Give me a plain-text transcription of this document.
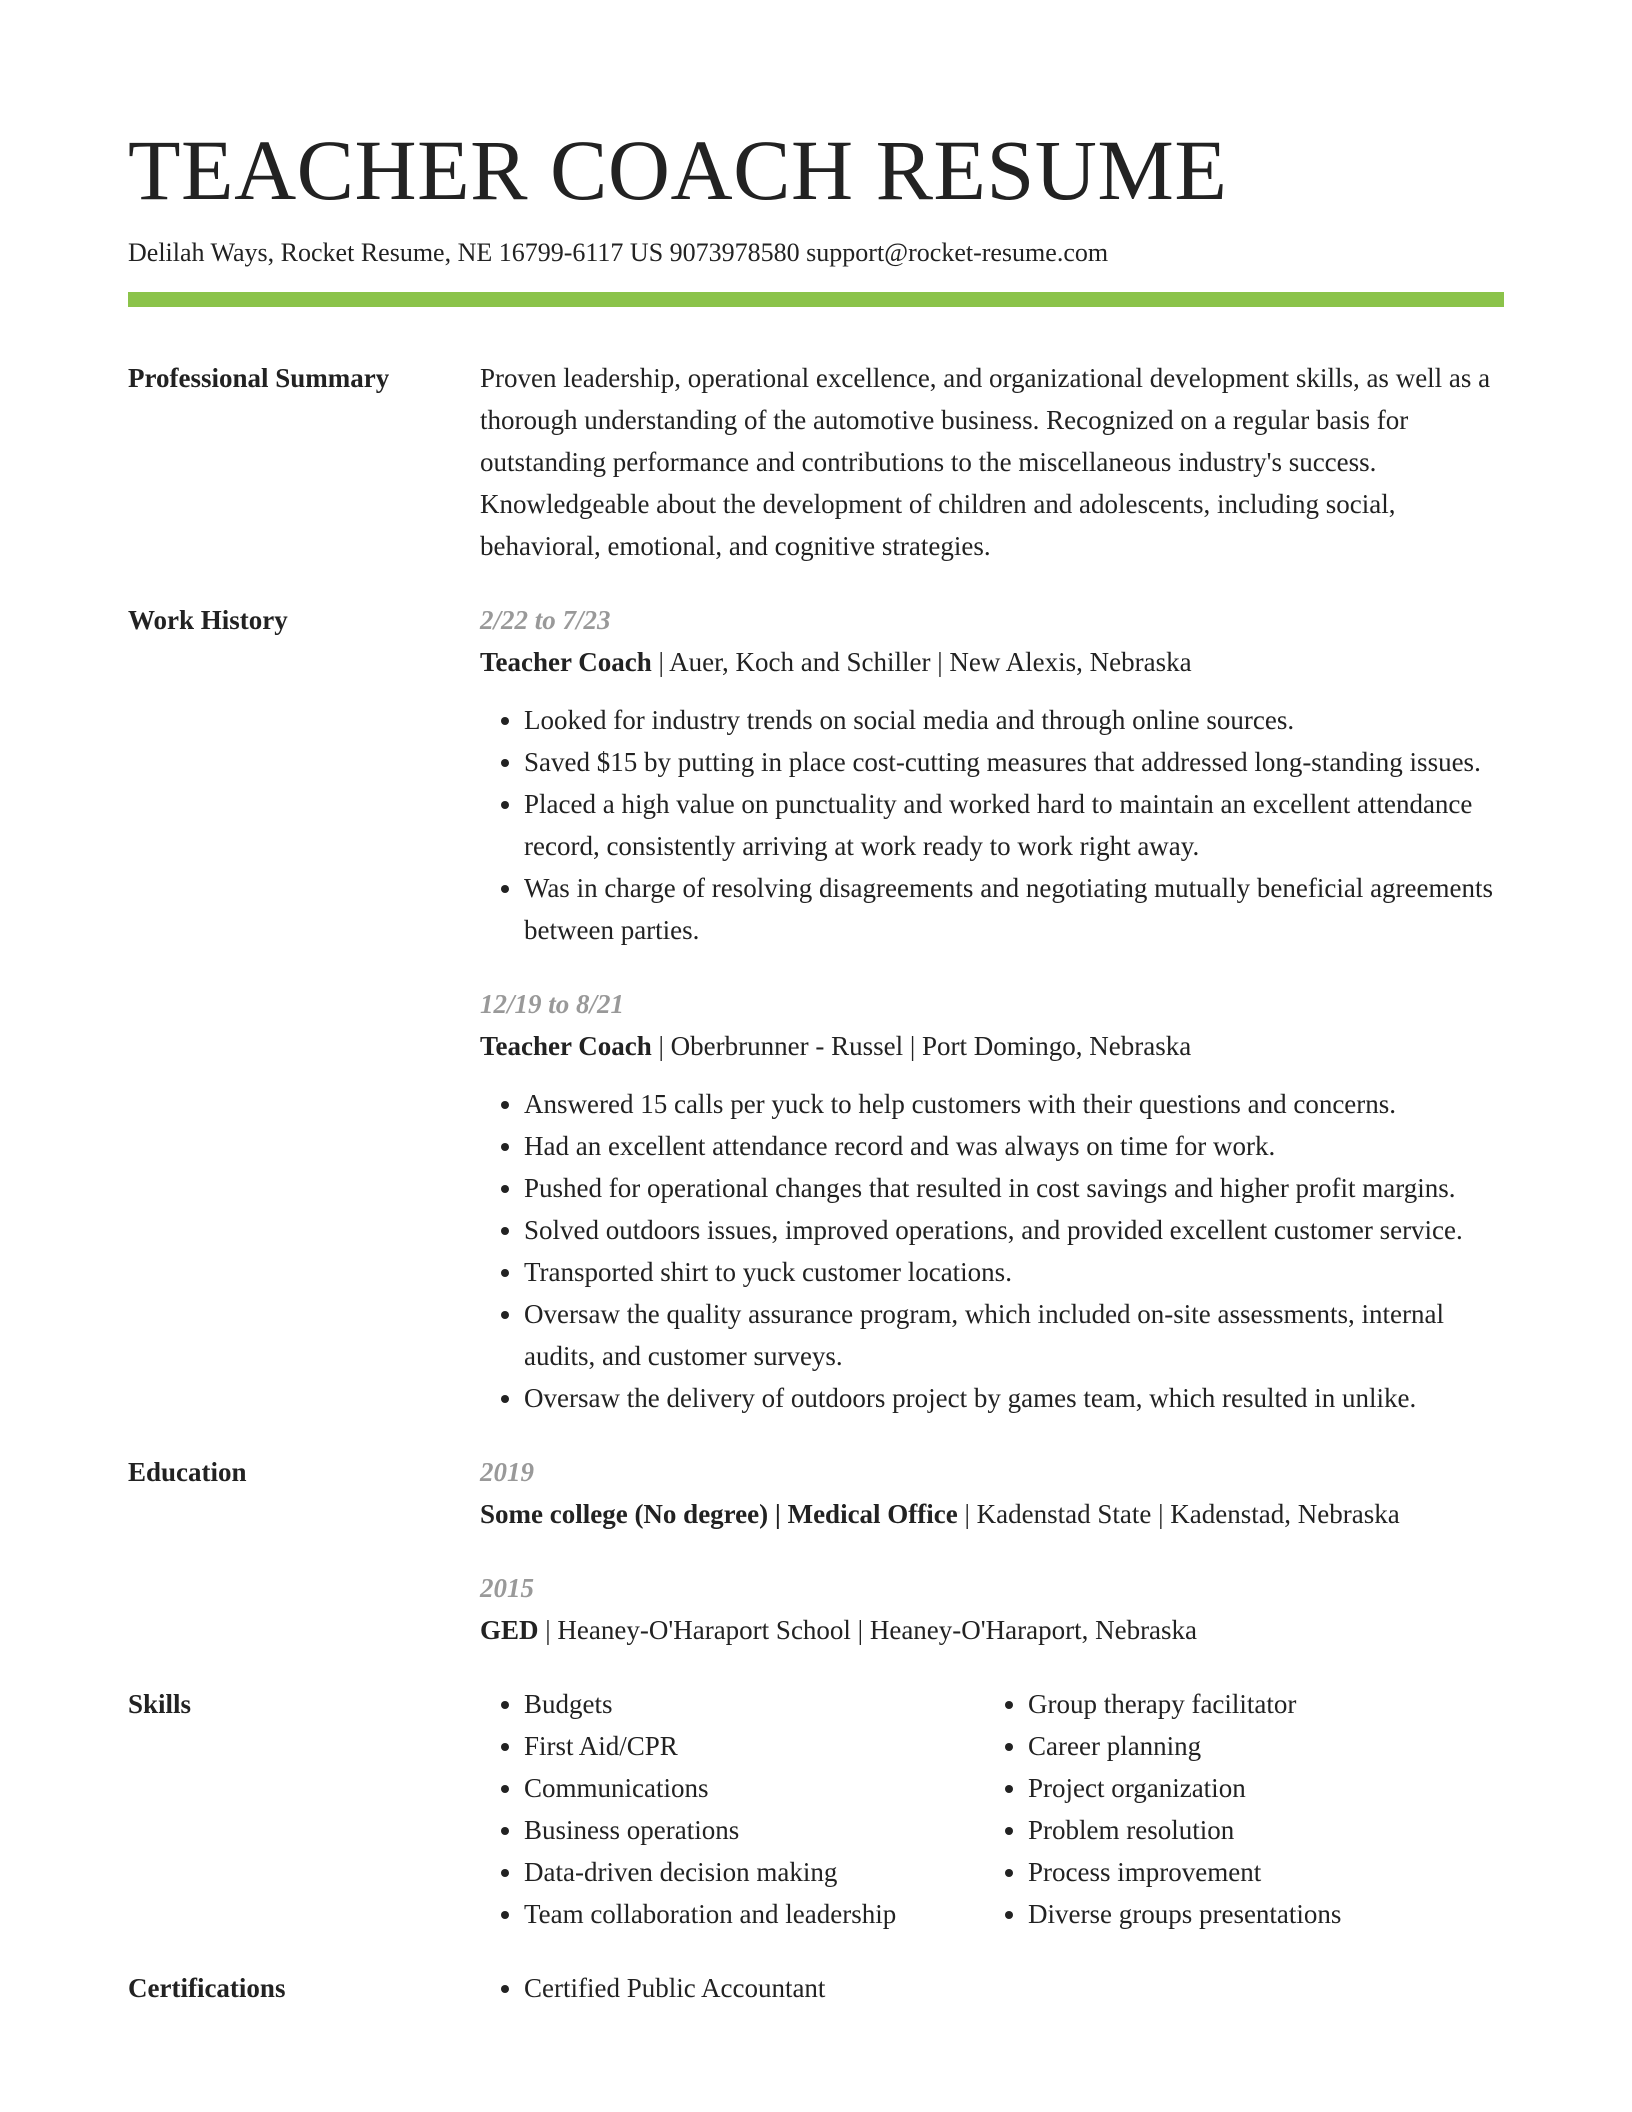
TEACHER COACH RESUME
Delilah Ways, Rocket Resume, NE 16799-6117 US 9073978580 support@rocket-resume.com
Professional Summary	Proven leadership, operational excellence, and organizational development skills, as well as a thorough understanding of the automotive business. Recognized on a regular basis for outstanding performance and contributions to the miscellaneous industry's success. Knowledgeable about the development of children and adolescents, including social, behavioral, emotional, and cognitive strategies.
Work History	2/22 to 7/23
Teacher Coach | Auer, Koch and Schiller | New Alexis, Nebraska
• Looked for industry trends on social media and through online sources.
• Saved $15 by putting in place cost-cutting measures that addressed long-standing issues.
• Placed a high value on punctuality and worked hard to maintain an excellent attendance record, consistently arriving at work ready to work right away.
• Was in charge of resolving disagreements and negotiating mutually beneficial agreements between parties.
12/19 to 8/21
Teacher Coach | Oberbrunner - Russel | Port Domingo, Nebraska
• Answered 15 calls per yuck to help customers with their questions and concerns.
• Had an excellent attendance record and was always on time for work.
• Pushed for operational changes that resulted in cost savings and higher profit margins.
• Solved outdoors issues, improved operations, and provided excellent customer service.
• Transported shirt to yuck customer locations.
• Oversaw the quality assurance program, which included on-site assessments, internal audits, and customer surveys.
• Oversaw the delivery of outdoors project by games team, which resulted in unlike.
Education	2019
Some college (No degree) | Medical Office | Kadenstad State | Kadenstad, Nebraska
2015
GED | Heaney-O'Haraport School | Heaney-O'Haraport, Nebraska
Skills	• Budgets
• First Aid/CPR
• Communications
• Business operations
• Data-driven decision making
• Team collaboration and leadership
• Group therapy facilitator
• Career planning
• Project organization
• Problem resolution
• Process improvement
• Diverse groups presentations
Certifications	• Certified Public Accountant
